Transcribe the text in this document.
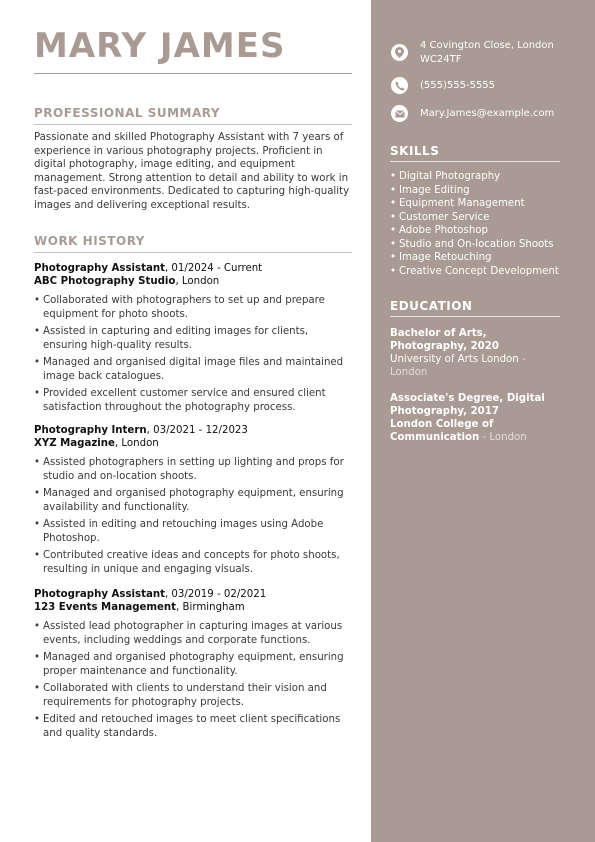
MARY JAMES
PROFESSIONAL SUMMARY
Passionate and skilled Photography Assistant with 7 years of experience in various photography projects. Proficient in digital photography, image editing, and equipment management. Strong attention to detail and ability to work in fast-paced environments. Dedicated to capturing high-quality images and delivering exceptional results.
WORK HISTORY
Photography Assistant, 01/2024 - Current
ABC Photography Studio, London
• Collaborated with photographers to set up and prepare equipment for photo shoots.
• Assisted in capturing and editing images for clients, ensuring high-quality results.
• Managed and organised digital image files and maintained image back catalogues.
• Provided excellent customer service and ensured client satisfaction throughout the photography process.
Photography Intern, 03/2021 - 12/2023
XYZ Magazine, London
• Assisted photographers in setting up lighting and props for studio and on-location shoots.
• Managed and organised photography equipment, ensuring availability and functionality.
• Assisted in editing and retouching images using Adobe Photoshop.
• Contributed creative ideas and concepts for photo shoots, resulting in unique and engaging visuals.
Photography Assistant, 03/2019 - 02/2021
123 Events Management, Birmingham
• Assisted lead photographer in capturing images at various events, including weddings and corporate functions.
• Managed and organised photography equipment, ensuring proper maintenance and functionality.
• Collaborated with clients to understand their vision and requirements for photography projects.
• Edited and retouched images to meet client specifications and quality standards.
4 Covington Close, London WC24TF
(555)555-5555
Mary.James@example.com
SKILLS
• Digital Photography
• Image Editing
• Equipment Management
• Customer Service
• Adobe Photoshop
• Studio and On-location Shoots
• Image Retouching
• Creative Concept Development
EDUCATION
Bachelor of Arts, Photography, 2020
University of Arts London - London
Associate's Degree, Digital Photography, 2017
London College of Communication - London
